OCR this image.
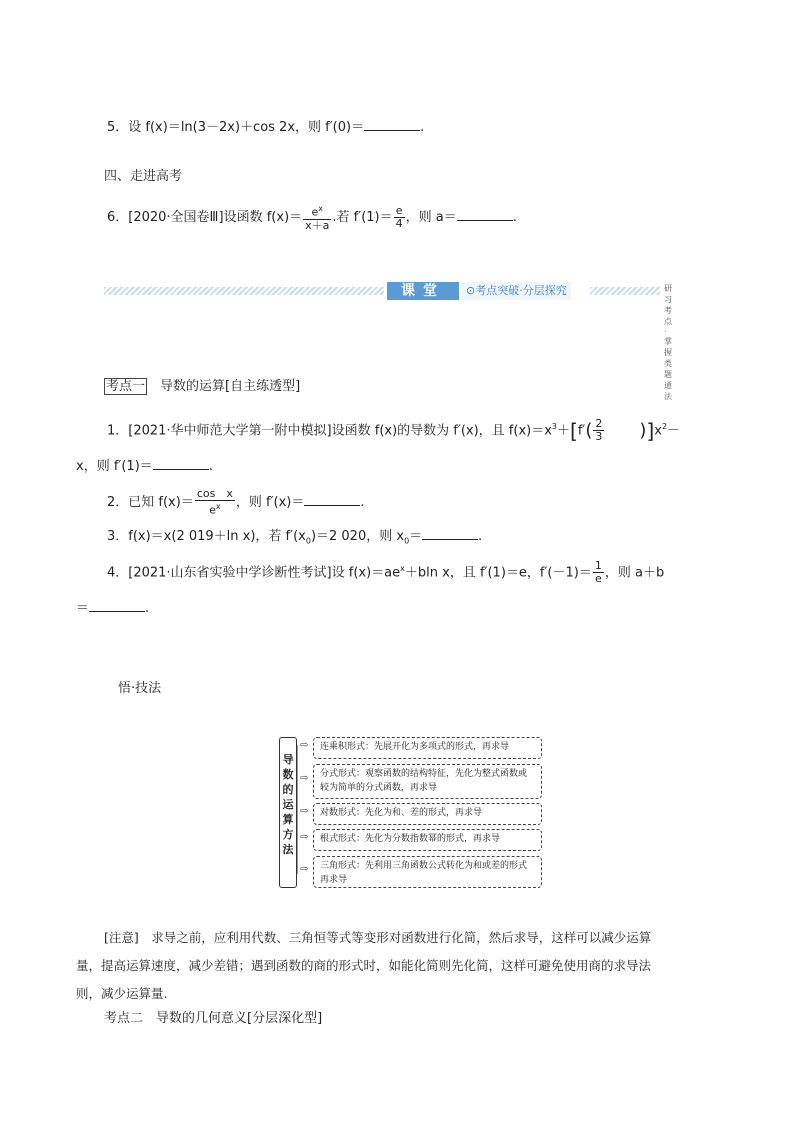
5．设 f(x)＝ln(3－2x)＋cos 2x，则 f′(0)＝	.
四、走进高考
6．[2020·全国卷Ⅲ]设函数 $f(x)= \frac{e^x}{x+a}$ .若 $f'(1)= \frac{e}{4}$ ，则 a＝	.
课堂	⊙考点突破·分层探究	研习考点·掌握类题通法
考点一　 导数的运算[自主练透型]
1．[2021·华中师范大学第一附中模拟]设函数 f(x)的导数为 f′(x)，且 $f(x)=x^3+[f'( \frac{2}{3} )]x^2-$
x，则 f′(1)＝	.
2．已知 $f(x)= \frac{\text{cos　x}}{e^x}$ ，则 f′(x)＝	.
3．f(x)＝x(2 019＋ln x)，若 $f'(x_0)=2$ 020，则 $x_0=$	.
4．[2021·山东省实验中学诊断性考试]设 $f(x)=ae^x+bln$ x，且 f′(1)＝e，$f'(-1)= \frac{1}{e}$ ，则 a＋b
＝	.
悟·技法
导数的运算方法
⇨	连乘积形式：先展开化为多项式的形式，再求导
⇨	分式形式：观察函数的结构特征，先化为整式函数或较为简单的分式函数，再求导
⇨	对数形式：先化为和、差的形式，再求导
⇨	根式形式：先化为分数指数幂的形式，再求导
⇨	三角形式：先利用三角函数公式转化为和或差的形式再求导
[注意]　求导之前，应利用代数、三角恒等式等变形对函数进行化简，然后求导，这样可以减少运算
量，提高运算速度，减少差错；遇到函数的商的形式时，如能化简则先化简，这样可避免使用商的求导法
则，减少运算量.
考点二　导数的几何意义[分层深化型]
